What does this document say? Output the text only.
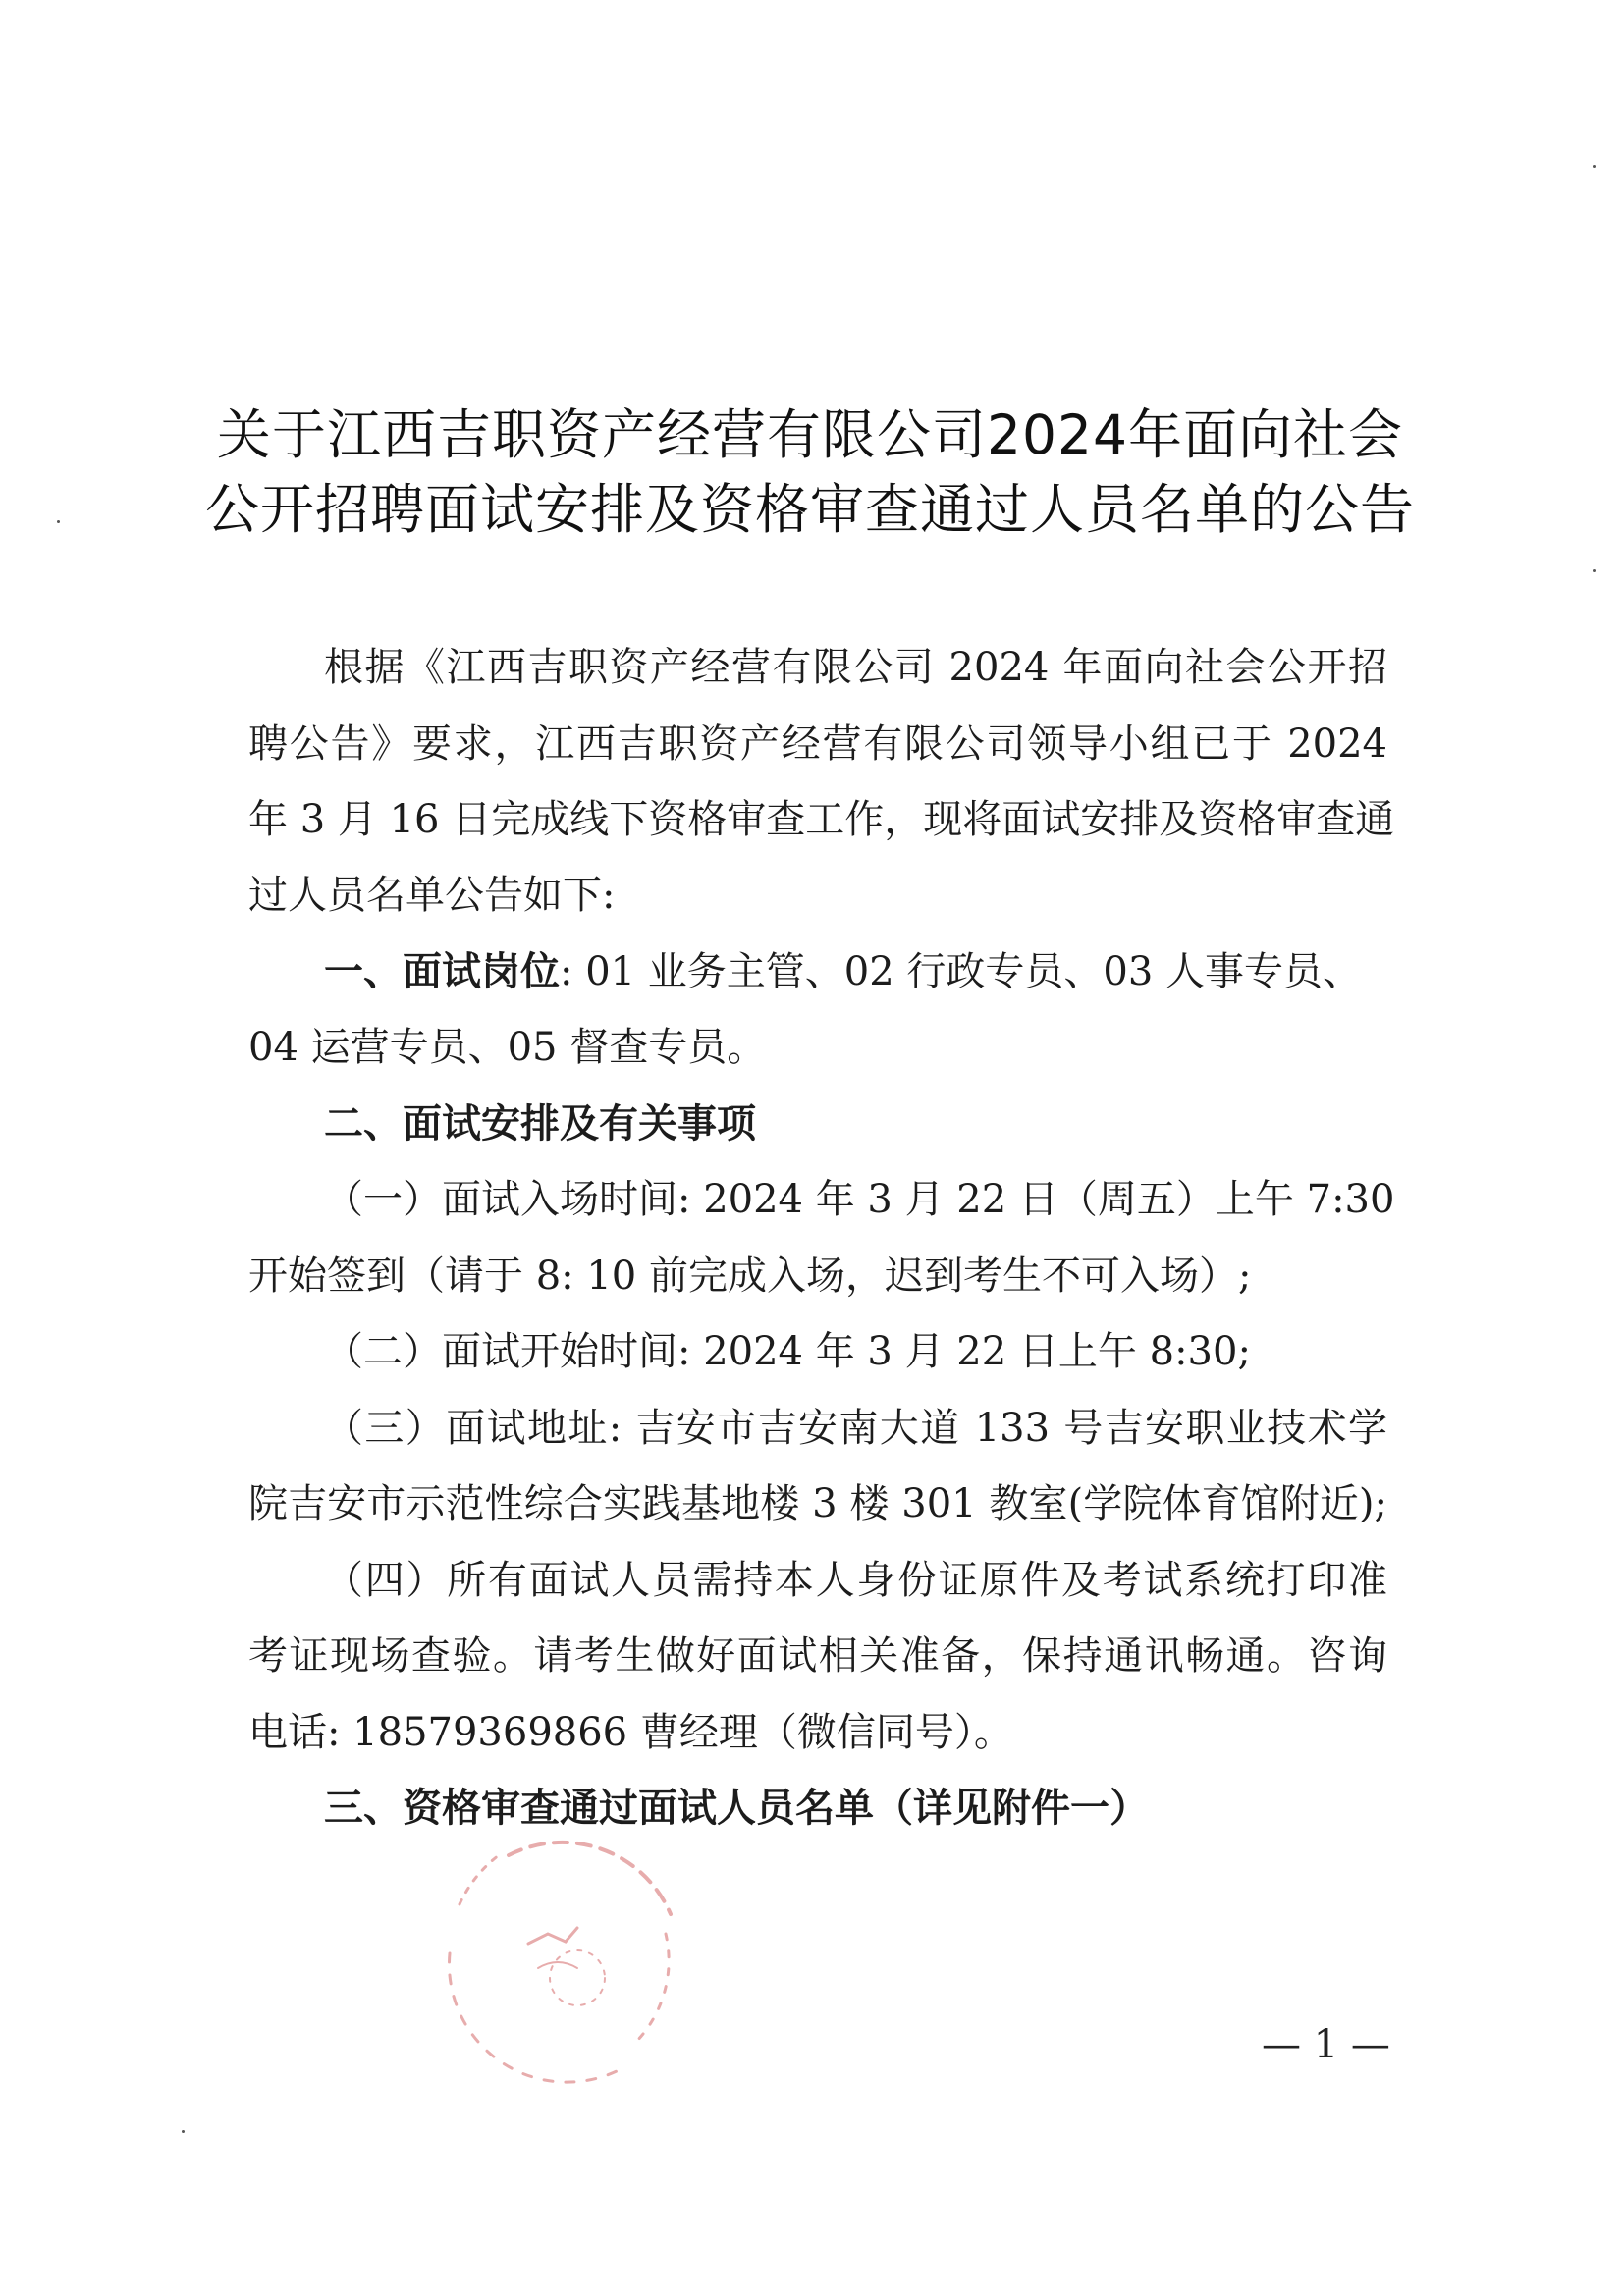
关于江西吉职资产经营有限公司2024年面向社会
公开招聘面试安排及资格审查通过人员名单的公告
根据《江西吉职资产经营有限公司 2024 年面向社会公开招
聘公告》要求，江西吉职资产经营有限公司领导小组已于 2024
年 3 月 16 日完成线下资格审查工作，现将面试安排及资格审查通
过人员名单公告如下:
一、面试岗位: 01 业务主管、02 行政专员、03 人事专员、
04 运营专员、05 督查专员。
二、面试安排及有关事项
（一）面试入场时间: 2024 年 3 月 22 日（周五）上午 7:30
开始签到（请于 8: 10 前完成入场，迟到考生不可入场）;
（二）面试开始时间: 2024 年 3 月 22 日上午 8:30;
（三）面试地址: 吉安市吉安南大道 133 号吉安职业技术学
院吉安市示范性综合实践基地楼 3 楼 301 教室(学院体育馆附近);
（四）所有面试人员需持本人身份证原件及考试系统打印准
考证现场查验。请考生做好面试相关准备，保持通讯畅通。咨询
电话: 18579369866 曹经理（微信同号）。
三、资格审查通过面试人员名单（详见附件一）
— 1 —
